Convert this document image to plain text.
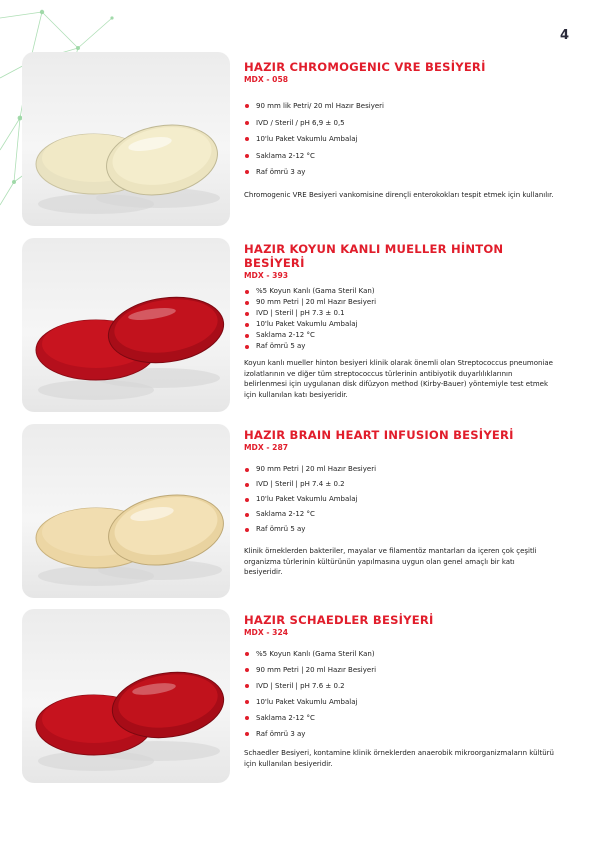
4
HAZIR CHROMOGENIC VRE BESİYERİ
MDX - 058
90 mm lik Petri/ 20 ml Hazır Besiyeri
IVD / Steril / pH 6,9 ± 0,5
10'lu Paket Vakumlu Ambalaj
Saklama 2-12 °C
Raf ömrü 3 ay

Chromogenic VRE Besiyeri vankomisine dirençli enterokokları tespit etmek için kullanılır.

HAZIR KOYUN KANLI MUELLER HİNTON BESİYERİ
MDX - 393
%5 Koyun Kanlı (Gama Steril Kan)
90 mm Petri | 20 ml Hazır Besiyeri
IVD | Steril | pH 7.3 ± 0.1
10'lu Paket Vakumlu Ambalaj
Saklama 2-12 °C
Raf ömrü 5 ay

Koyun kanlı mueller hinton besiyeri klinik olarak önemli olan Streptococcus pneumoniae izolatlarının ve diğer tüm streptococcus türlerinin antibiyotik duyarlılıklarının belirlenmesi için uygulanan disk difüzyon method (Kirby-Bauer) yöntemiyle test etmek için kullanılan katı besiyeridir.

HAZIR BRAIN HEART INFUSION BESİYERİ
MDX - 287
90 mm Petri | 20 ml Hazır Besiyeri
IVD | Steril | pH 7.4 ± 0.2
10'lu Paket Vakumlu Ambalaj
Saklama 2-12 °C
Raf ömrü 5 ay

Klinik örneklerden bakteriler, mayalar ve filamentöz mantarları da içeren çok çeşitli organizma türlerinin kültürünün yapılmasına uygun olan genel amaçlı bir katı besiyeridir.

HAZIR SCHAEDLER BESİYERİ
MDX - 324
%5 Koyun Kanlı (Gama Steril Kan)
90 mm Petri | 20 ml Hazır Besiyeri
IVD | Steril | pH 7.6 ± 0.2
10'lu Paket Vakumlu Ambalaj
Saklama 2-12 °C
Raf ömrü 3 ay

Schaedler Besiyeri, kontamine klinik örneklerden anaerobik mikroorganizmaların kültürü için kullanılan besiyeridir.
